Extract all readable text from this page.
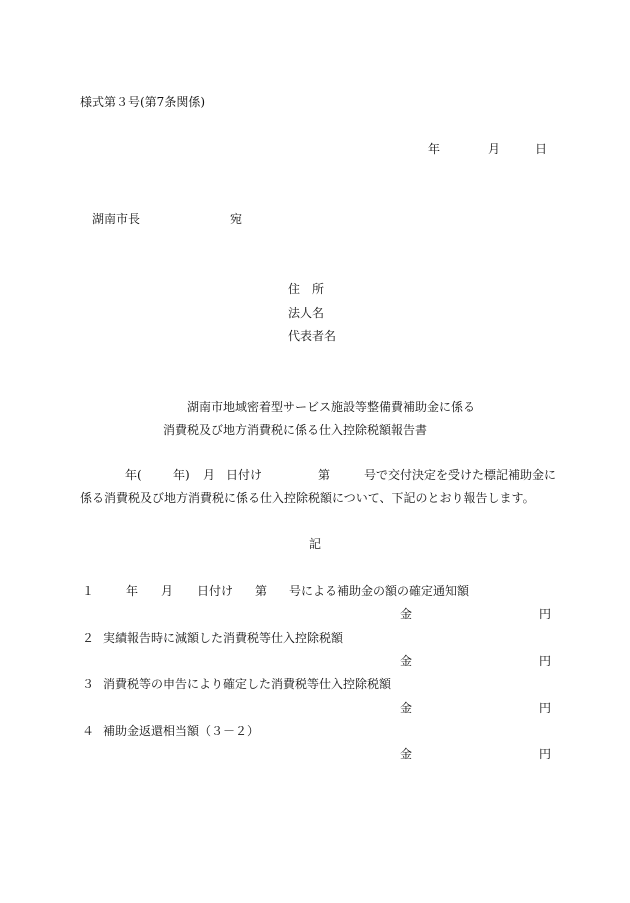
様式第３号(第7条関係)
年	月	日
湖南市長	宛
住　所
法人名
代表者名
湖南市地域密着型サービス施設等整備費補助金に係る
消費税及び地方消費税に係る仕入控除税額報告書
年(	年) 月 日付け	第	号で交付決定を受けた標記補助金に
係る消費税及び地方消費税に係る仕入控除税額について、下記のとおり報告します。
記
１	年 月 日付け 第 号による補助金の額の確定通知額
金	円
２ 実績報告時に減額した消費税等仕入控除税額
金	円
３ 消費税等の申告により確定した消費税等仕入控除税額
金	円
４ 補助金返還相当額（３－２）
金	円
